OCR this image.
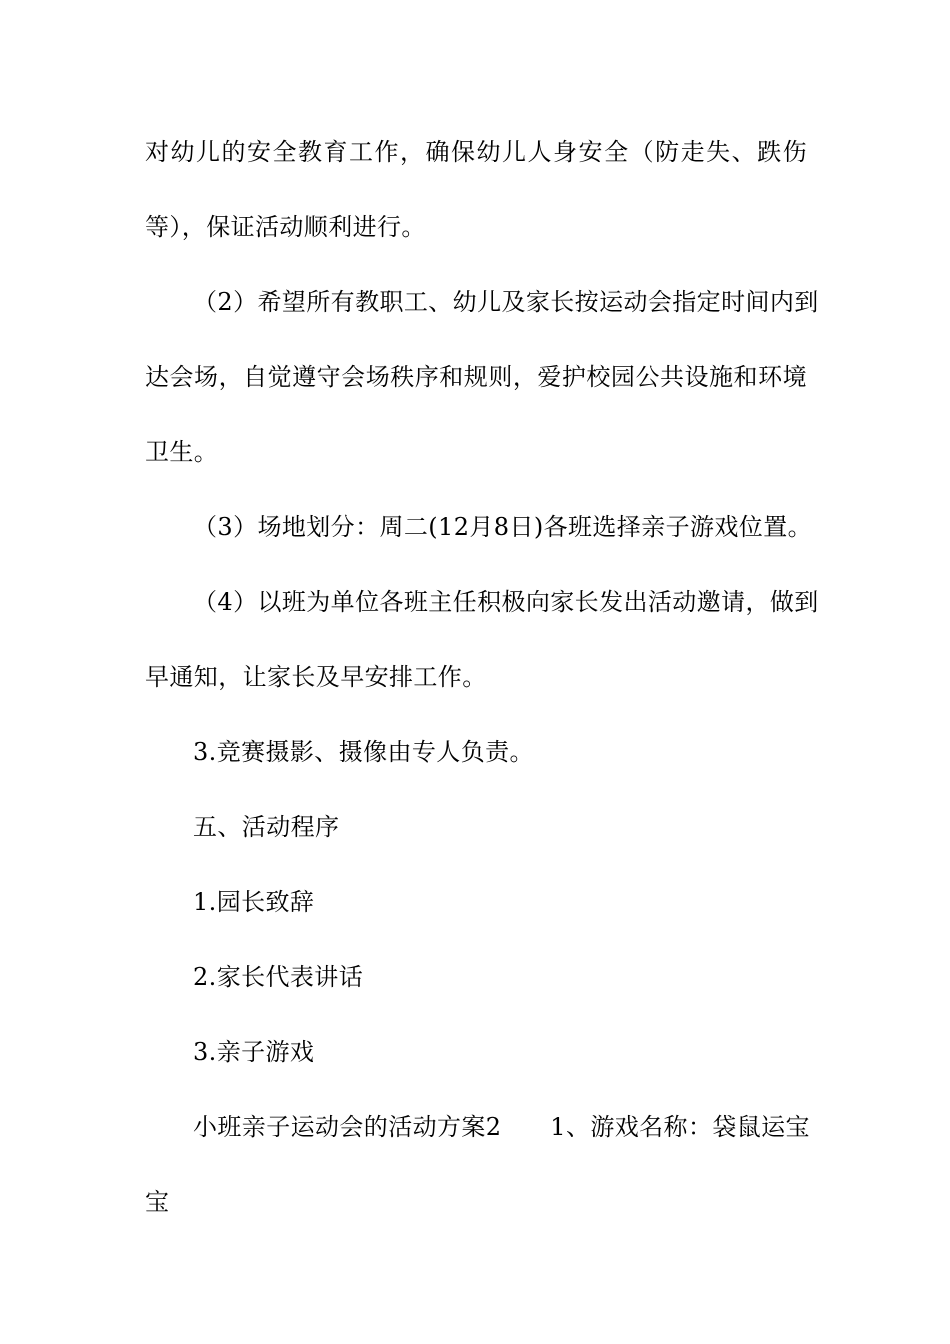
对幼儿的安全教育工作，确保幼儿人身安全（防走失、跌伤
等），保证活动顺利进行。
（2）希望所有教职工、幼儿及家长按运动会指定时间内到
达会场，自觉遵守会场秩序和规则，爱护校园公共设施和环境
卫生。
（3）场地划分：周二(12月8日)各班选择亲子游戏位置。
（4）以班为单位各班主任积极向家长发出活动邀请，做到
早通知，让家长及早安排工作。
3.竞赛摄影、摄像由专人负责。
五、活动程序
1.园长致辞
2.家长代表讲话
3.亲子游戏
小班亲子运动会的活动方案2　　1、游戏名称：袋鼠运宝
宝
